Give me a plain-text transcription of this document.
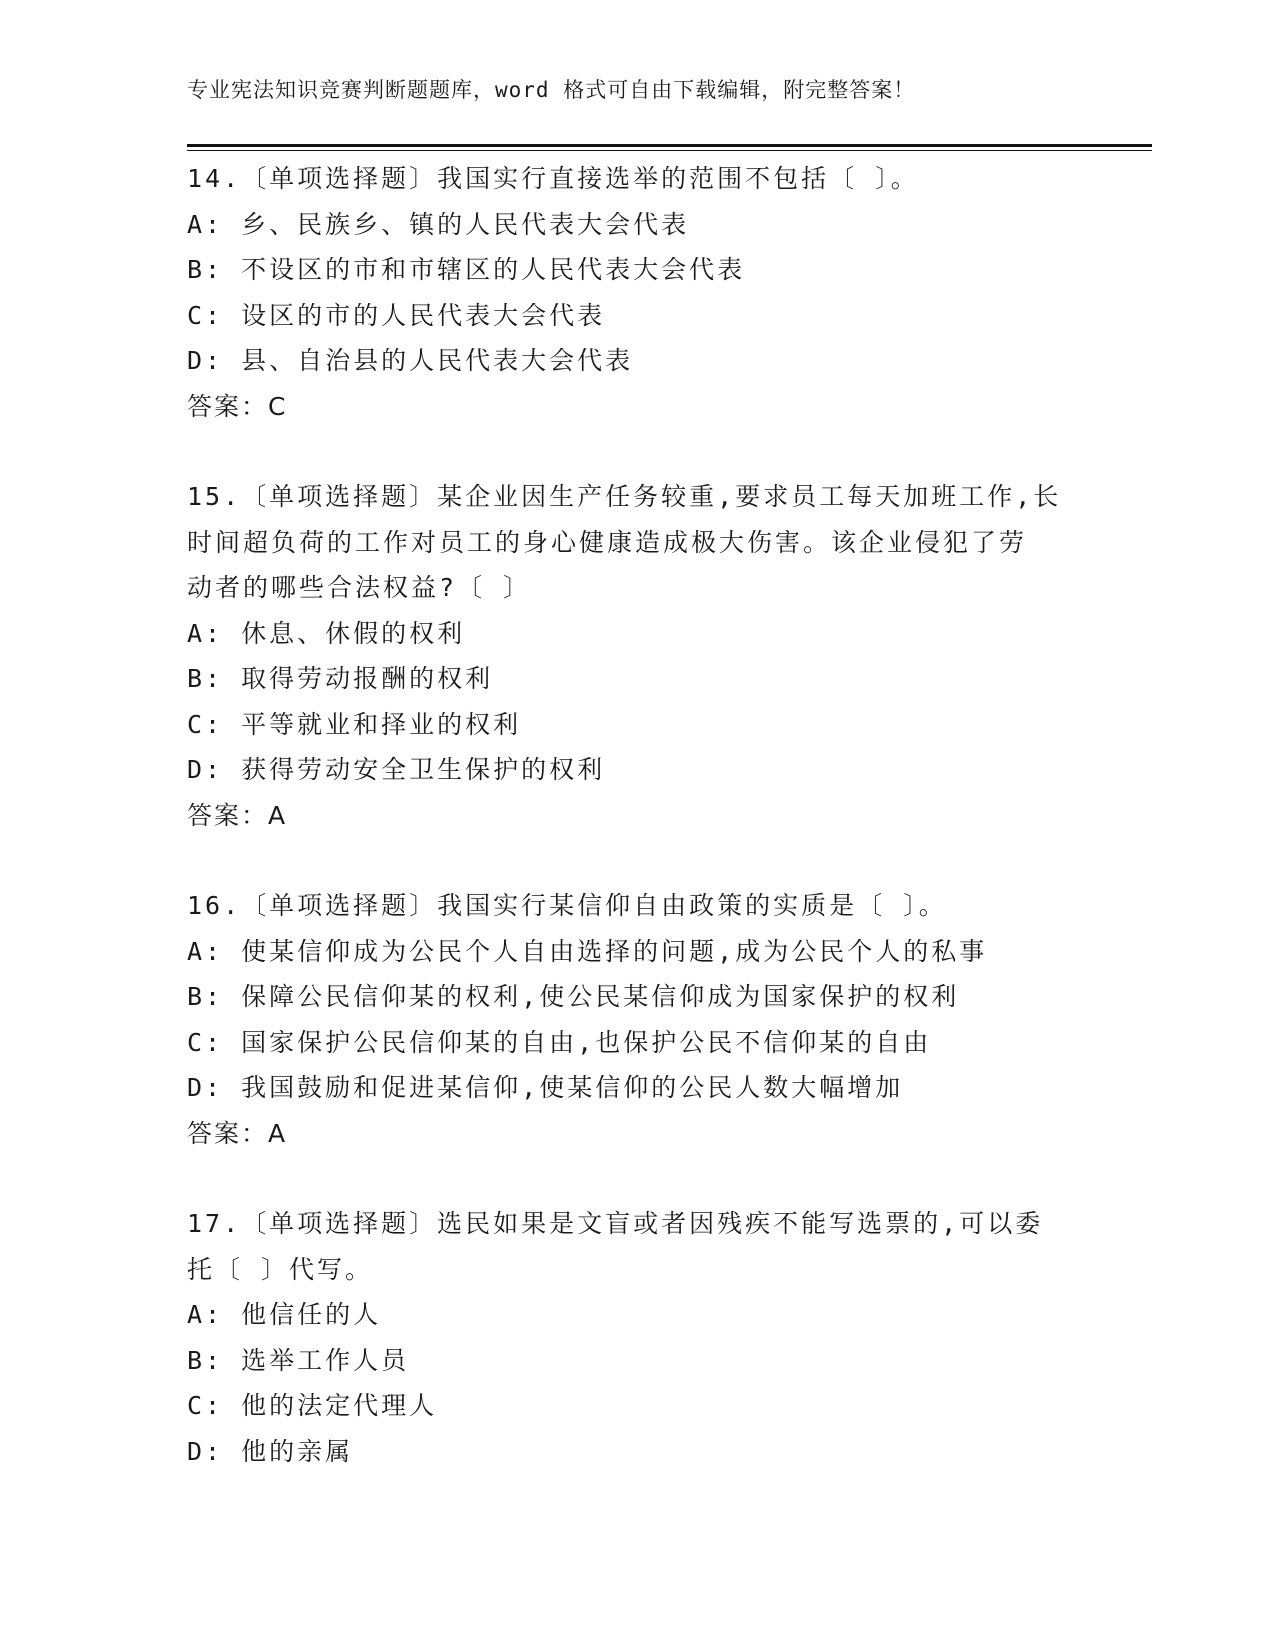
专业宪法知识竞赛判断题题库，word 格式可自由下载编辑，附完整答案！
14.〔单项选择题〕我国实行直接选举的范围不包括〔 〕。
A: 乡、民族乡、镇的人民代表大会代表
B: 不设区的市和市辖区的人民代表大会代表
C: 设区的市的人民代表大会代表
D: 县、自治县的人民代表大会代表
答案：C
15.〔单项选择题〕某企业因生产任务较重,要求员工每天加班工作,长
时间超负荷的工作对员工的身心健康造成极大伤害。该企业侵犯了劳
动者的哪些合法权益?〔 〕
A: 休息、休假的权利
B: 取得劳动报酬的权利
C: 平等就业和择业的权利
D: 获得劳动安全卫生保护的权利
答案：A
16.〔单项选择题〕我国实行某信仰自由政策的实质是〔 〕。
A: 使某信仰成为公民个人自由选择的问题,成为公民个人的私事
B: 保障公民信仰某的权利,使公民某信仰成为国家保护的权利
C: 国家保护公民信仰某的自由,也保护公民不信仰某的自由
D: 我国鼓励和促进某信仰,使某信仰的公民人数大幅增加
答案：A
17.〔单项选择题〕选民如果是文盲或者因残疾不能写选票的,可以委
托〔 〕代写。
A: 他信任的人
B: 选举工作人员
C: 他的法定代理人
D: 他的亲属
